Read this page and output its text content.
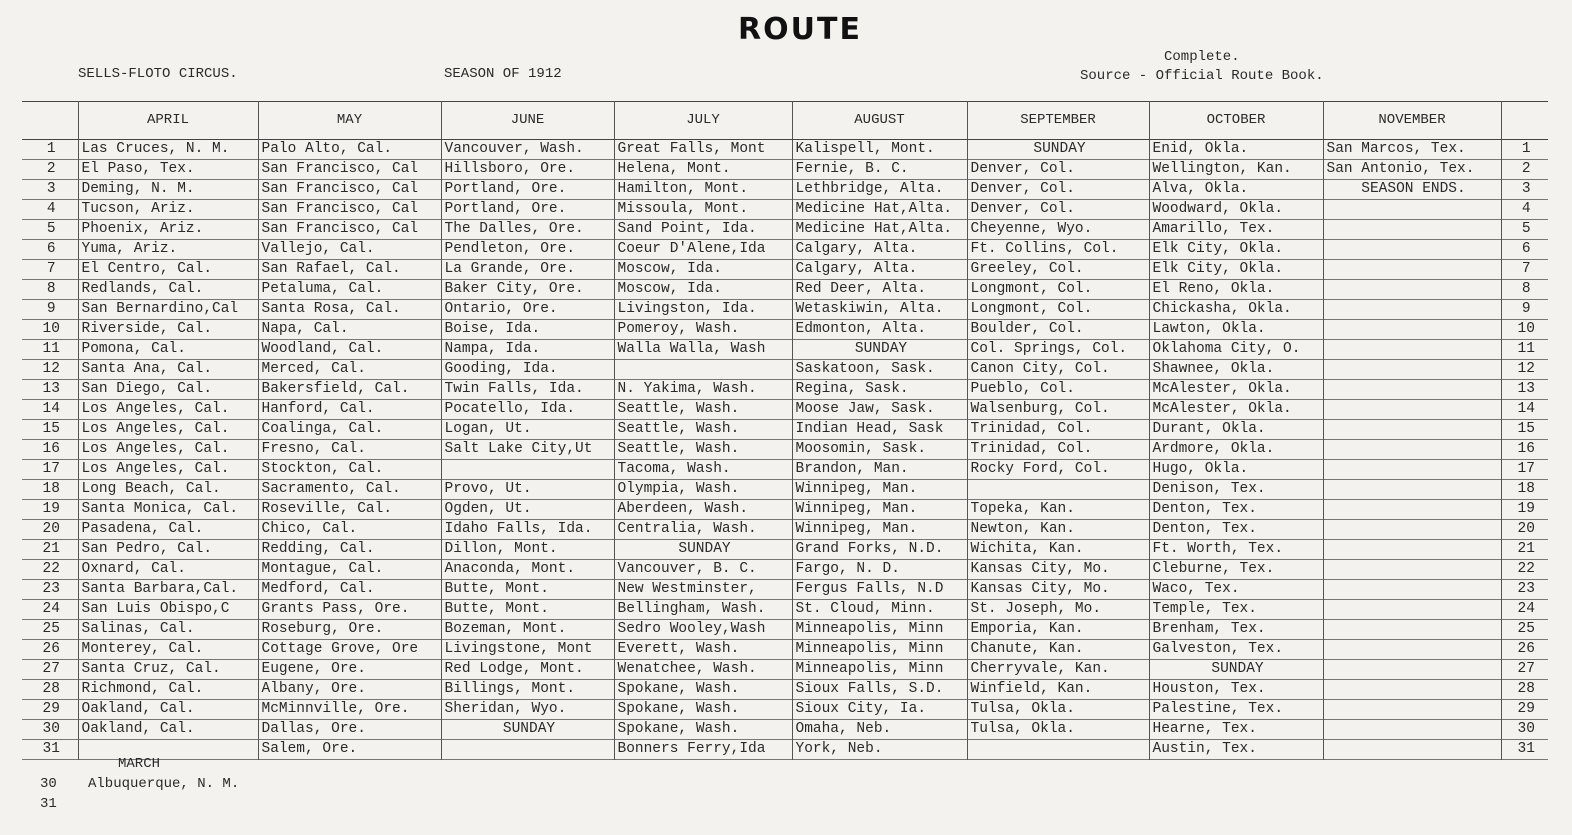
ROUTE
SELLS-FLOTO CIRCUS.	SEASON OF 1912
Complete.
Source - Official Route Book.
	APRIL	MAY	JUNE	JULY	AUGUST	SEPTEMBER	OCTOBER	NOVEMBER	
1	Las Cruces, N. M.	Palo Alto, Cal.	Vancouver, Wash.	Great Falls, Mont	Kalispell, Mont.	SUNDAY	Enid, Okla.	San Marcos, Tex.	1
2	El Paso, Tex.	San Francisco, Cal	Hillsboro, Ore.	Helena, Mont.	Fernie, B. C.	Denver, Col.	Wellington, Kan.	San Antonio, Tex.	2
3	Deming, N. M.	San Francisco, Cal	Portland, Ore.	Hamilton, Mont.	Lethbridge, Alta.	Denver, Col.	Alva, Okla.	SEASON ENDS.	3
4	Tucson, Ariz.	San Francisco, Cal	Portland, Ore.	Missoula, Mont.	Medicine Hat,Alta.	Denver, Col.	Woodward, Okla.		4
5	Phoenix, Ariz.	San Francisco, Cal	The Dalles, Ore.	Sand Point, Ida.	Medicine Hat,Alta.	Cheyenne, Wyo.	Amarillo, Tex.		5
6	Yuma, Ariz.	Vallejo, Cal.	Pendleton, Ore.	Coeur D'Alene,Ida	Calgary, Alta.	Ft. Collins, Col.	Elk City, Okla.		6
7	El Centro, Cal.	San Rafael, Cal.	La Grande, Ore.	Moscow, Ida.	Calgary, Alta.	Greeley, Col.	Elk City, Okla.		7
8	Redlands, Cal.	Petaluma, Cal.	Baker City, Ore.	Moscow, Ida.	Red Deer, Alta.	Longmont, Col.	El Reno, Okla.		8
9	San Bernardino,Cal	Santa Rosa, Cal.	Ontario, Ore.	Livingston, Ida.	Wetaskiwin, Alta.	Longmont, Col.	Chickasha, Okla.		9
10	Riverside, Cal.	Napa, Cal.	Boise, Ida.	Pomeroy, Wash.	Edmonton, Alta.	Boulder, Col.	Lawton, Okla.		10
11	Pomona, Cal.	Woodland, Cal.	Nampa, Ida.	Walla Walla, Wash	SUNDAY	Col. Springs, Col.	Oklahoma City, O.		11
12	Santa Ana, Cal.	Merced, Cal.	Gooding, Ida.		Saskatoon, Sask.	Canon City, Col.	Shawnee, Okla.		12
13	San Diego, Cal.	Bakersfield, Cal.	Twin Falls, Ida.	N. Yakima, Wash.	Regina, Sask.	Pueblo, Col.	McAlester, Okla.		13
14	Los Angeles, Cal.	Hanford, Cal.	Pocatello, Ida.	Seattle, Wash.	Moose Jaw, Sask.	Walsenburg, Col.	McAlester, Okla.		14
15	Los Angeles, Cal.	Coalinga, Cal.	Logan, Ut.	Seattle, Wash.	Indian Head, Sask	Trinidad, Col.	Durant, Okla.		15
16	Los Angeles, Cal.	Fresno, Cal.	Salt Lake City,Ut	Seattle, Wash.	Moosomin, Sask.	Trinidad, Col.	Ardmore, Okla.		16
17	Los Angeles, Cal.	Stockton, Cal.		Tacoma, Wash.	Brandon, Man.	Rocky Ford, Col.	Hugo, Okla.		17
18	Long Beach, Cal.	Sacramento, Cal.	Provo, Ut.	Olympia, Wash.	Winnipeg, Man.		Denison, Tex.		18
19	Santa Monica, Cal.	Roseville, Cal.	Ogden, Ut.	Aberdeen, Wash.	Winnipeg, Man.	Topeka, Kan.	Denton, Tex.		19
20	Pasadena, Cal.	Chico, Cal.	Idaho Falls, Ida.	Centralia, Wash.	Winnipeg, Man.	Newton, Kan.	Denton, Tex.		20
21	San Pedro, Cal.	Redding, Cal.	Dillon, Mont.	SUNDAY	Grand Forks, N.D.	Wichita, Kan.	Ft. Worth, Tex.		21
22	Oxnard, Cal.	Montague, Cal.	Anaconda, Mont.	Vancouver, B. C.	Fargo, N. D.	Kansas City, Mo.	Cleburne, Tex.		22
23	Santa Barbara,Cal.	Medford, Cal.	Butte, Mont.	New Westminster,	Fergus Falls, N.D	Kansas City, Mo.	Waco, Tex.		23
24	San Luis Obispo,C	Grants Pass, Ore.	Butte, Mont.	Bellingham, Wash.	St. Cloud, Minn.	St. Joseph, Mo.	Temple, Tex.		24
25	Salinas, Cal.	Roseburg, Ore.	Bozeman, Mont.	Sedro Wooley,Wash	Minneapolis, Minn	Emporia, Kan.	Brenham, Tex.		25
26	Monterey, Cal.	Cottage Grove, Ore	Livingstone, Mont	Everett, Wash.	Minneapolis, Minn	Chanute, Kan.	Galveston, Tex.		26
27	Santa Cruz, Cal.	Eugene, Ore.	Red Lodge, Mont.	Wenatchee, Wash.	Minneapolis, Minn	Cherryvale, Kan.	SUNDAY		27
28	Richmond, Cal.	Albany, Ore.	Billings, Mont.	Spokane, Wash.	Sioux Falls, S.D.	Winfield, Kan.	Houston, Tex.		28
29	Oakland, Cal.	McMinnville, Ore.	Sheridan, Wyo.	Spokane, Wash.	Sioux City, Ia.	Tulsa, Okla.	Palestine, Tex.		29
30	Oakland, Cal.	Dallas, Ore.	SUNDAY	Spokane, Wash.	Omaha, Neb.	Tulsa, Okla.	Hearne, Tex.		30
31		Salem, Ore.		Bonners Ferry,Ida	York, Neb.		Austin, Tex.		31
MARCH
30 Albuquerque, N. M.
31
